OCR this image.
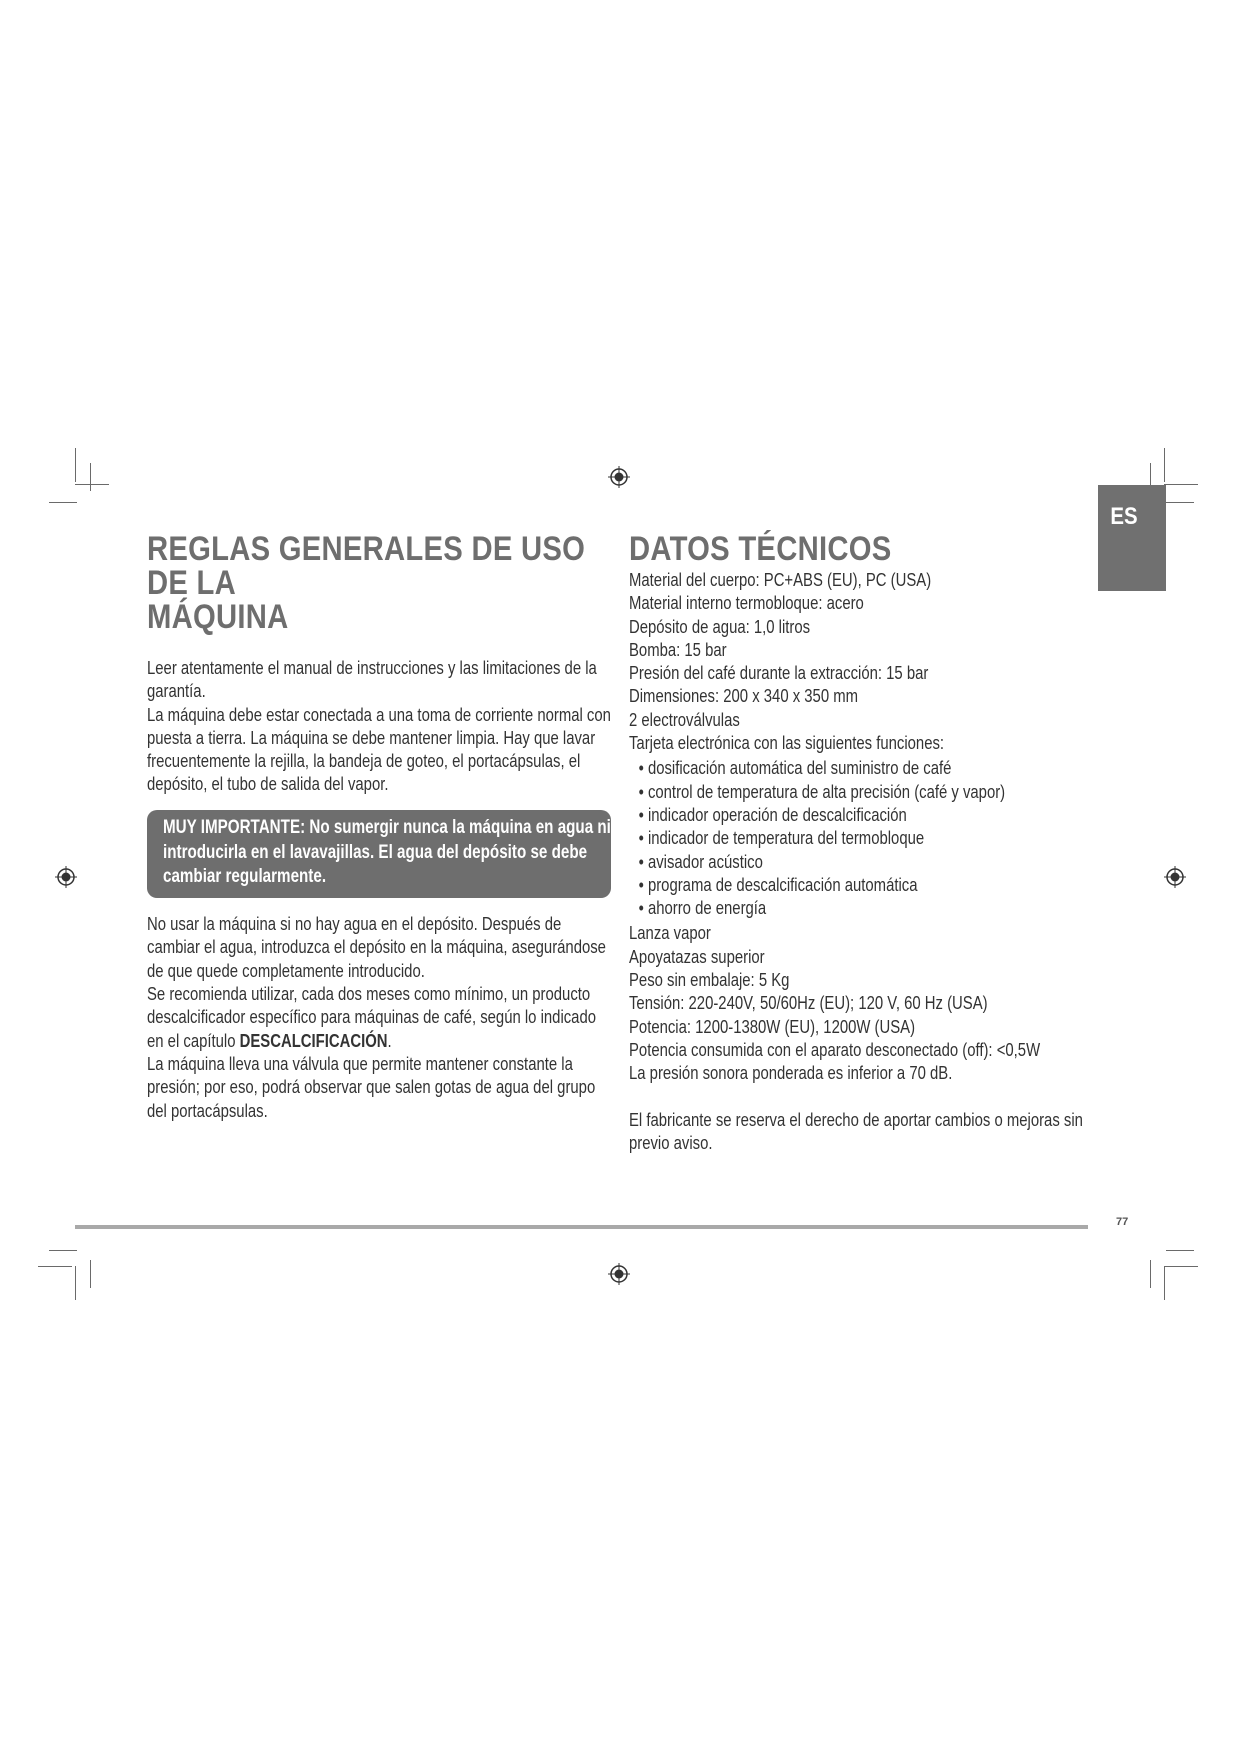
ES
REGLAS GENERALES DE USO DE LA
MÁQUINA

Leer atentamente el manual de instrucciones y las limitaciones de la garantía.

La máquina debe estar conectada a una toma de corriente normal con puesta a tierra. La máquina se debe mantener limpia. Hay que lavar frecuentemente la rejilla, la bandeja de goteo, el portacápsulas, el depósito, el tubo de salida del vapor.

MUY IMPORTANTE: No sumergir nunca la máquina en agua ni introducirla en el lavavajillas. El agua del depósito se debe cambiar regularmente.

No usar la máquina si no hay agua en el depósito. Después de cambiar el agua, introduzca el depósito en la máquina, asegurándose de que quede completamente introducido.

Se recomienda utilizar, cada dos meses como mínimo, un producto descalcificador específico para máquinas de café, según lo indicado en el capítulo DESCALCIFICACIÓN.

La máquina lleva una válvula que permite mantener constante la presión; por eso, podrá observar que salen gotas de agua del grupo del portacápsulas.

DATOS TÉCNICOS

Material del cuerpo: PC+ABS (EU), PC (USA)

Material interno termobloque: acero

Depósito de agua: 1,0 litros

Bomba: 15 bar

Presión del café durante la extracción: 15 bar

Dimensiones: 200 x 340 x 350 mm

2 electroválvulas

Tarjeta electrónica con las siguientes funciones:

• dosificación automática del suministro de café
• control de temperatura de alta precisión (café y vapor)
• indicador operación de descalcificación
• indicador de temperatura del termobloque
• avisador acústico
• programa de descalcificación automática
• ahorro de energía

Lanza vapor

Apoyatazas superior

Peso sin embalaje: 5 Kg

Tensión: 220-240V, 50/60Hz (EU); 120 V, 60 Hz (USA)

Potencia: 1200-1380W (EU), 1200W (USA)

Potencia consumida con el aparato desconectado (off): <0,5W

La presión sonora ponderada es inferior a 70 dB.

El fabricante se reserva el derecho de aportar cambios o mejoras sin previo aviso.

77
